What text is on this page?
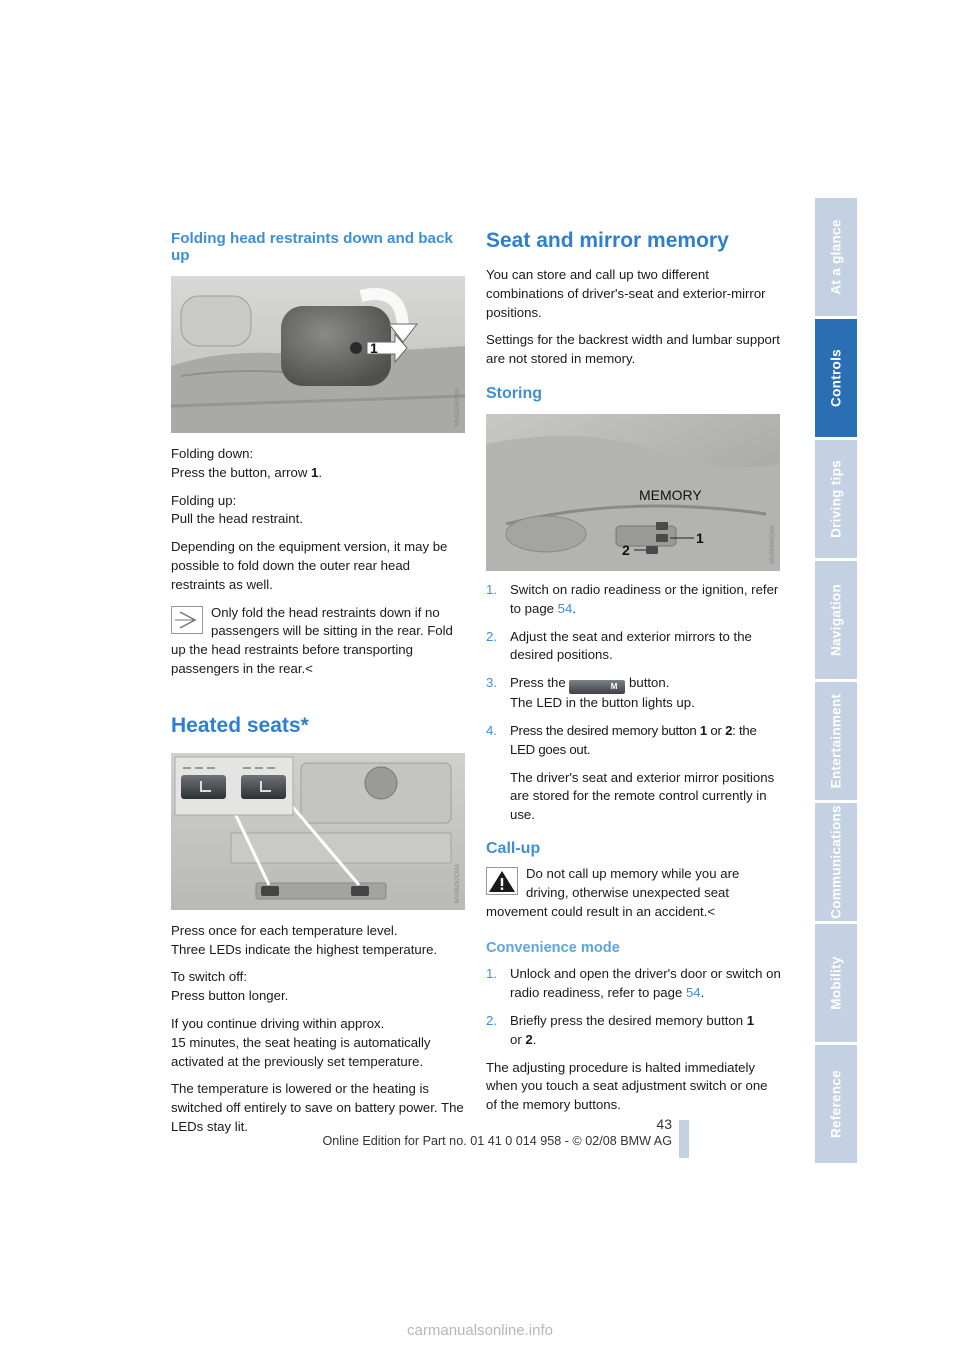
At a glance
Controls
Driving tips
Navigation
Entertainment
Communications
Mobility
Reference
Folding head restraints down and back up
1
MV06254CMA

Folding down:
Press the button, arrow 1.

Folding up:
Pull the head restraint.

Depending on the equipment version, it may be possible to fold down the outer rear head restraints as well.

Only fold the head restraints down if no passengers will be sitting in the rear. Fold up the head restraints before transporting passengers in the rear.<
Heated seats*
MV06257CMA

Press once for each temperature level.
Three LEDs indicate the highest temperature.

To switch off:
Press button longer.

If you continue driving within approx.
15 minutes, the seat heating is automatically activated at the previously set temperature.

The temperature is lowered or the heating is switched off entirely to save on battery power. The LEDs stay lit.

Seat and mirror memory

You can store and call up two different combinations of driver's-seat and exterior-mirror positions.

Settings for the backrest width and lumbar support are not stored in memory.

Storing
MEMORY
1
2	MV06348CMA
1. Switch on radio readiness or the ignition, refer to page 54.
2. Adjust the seat and exterior mirrors to the desired positions.
3. Press the	M button.
The LED in the button lights up.
4. Press the desired memory button 1 or 2: the LED goes out.
The driver's seat and exterior mirror positions are stored for the remote control currently in use.
Call-up
Do not call up memory while you are driving, otherwise unexpected seat movement could result in an accident.<
Convenience mode
1. Unlock and open the driver's door or switch on radio readiness, refer to page 54.
2. Briefly press the desired memory button 1
or 2.

The adjusting procedure is halted immediately when you touch a seat adjustment switch or one of the memory buttons.

43
Online Edition for Part no. 01 41 0 014 958 - © 02/08 BMW AG
carmanualsonline.info
